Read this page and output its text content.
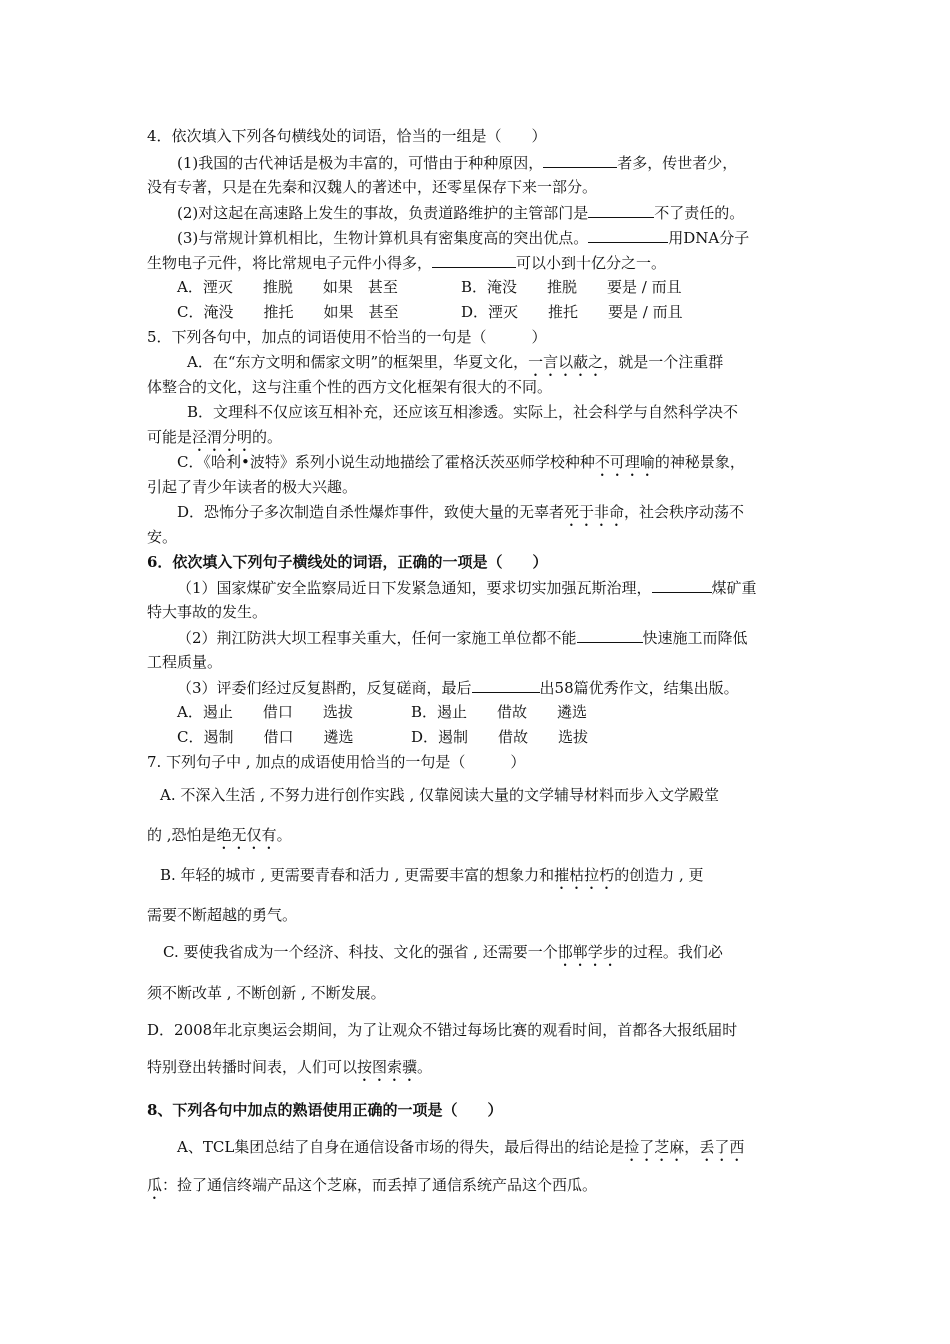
4．依次填入下列各句横线处的词语，恰当的一组是（　　）
(1)我国的古代神话是极为丰富的，可惜由于种种原因，	者多，传世者少，
没有专著，只是在先秦和汉魏人的著述中，还零星保存下来一部分。
(2)对这起在高速路上发生的事故，负责道路维护的主管部门是	不了责任的。
(3)与常规计算机相比，生物计算机具有密集度高的突出优点。	用DNA分子
生物电子元件，将比常规电子元件小得多，	可以小到十亿分之一。
A．湮灭　　推脱　　如果　甚至	B．淹没　　推脱　　要是 / 而且
C．淹没　　推托　　如果　甚至	D．湮灭　　推托　　要是 / 而且
5．下列各句中，加点的词语使用不恰当的一句是（　　　）
A．在“东方文明和儒家文明”的框架里，华夏文化，一言以蔽之，就是一个注重群
体整合的文化，这与注重个性的西方文化框架有很大的不同。
B．文理科不仅应该互相补充，还应该互相渗透。实际上，社会科学与自然科学决不
可能是泾渭分明的。
C．《哈利•波特》系列小说生动地描绘了霍格沃茨巫师学校种种不可理喻的神秘景象，
引起了青少年读者的极大兴趣。
D．恐怖分子多次制造自杀性爆炸事件，致使大量的无辜者死于非命，社会秩序动荡不
安。
6．依次填入下列句子横线处的词语，正确的一项是（　　）
（1）国家煤矿安全监察局近日下发紧急通知，要求切实加强瓦斯治理，	煤矿重
特大事故的发生。
（2）荆江防洪大坝工程事关重大，任何一家施工单位都不能	快速施工而降低
工程质量。
（3）评委们经过反复斟酌，反复磋商，最后	出58篇优秀作文，结集出版。
A．遏止　　借口　　选拔	B．遏止　　借故　　遴选
C．遏制　　借口　　遴选	D．遏制　　借故　　选拔
7. 下列句子中 , 加点的成语使用恰当的一句是（　　　）
A. 不深入生活 , 不努力进行创作实践 , 仅靠阅读大量的文学辅导材料而步入文学殿堂
的 ,恐怕是绝无仅有。
B. 年轻的城市 , 更需要青春和活力 , 更需要丰富的想象力和摧枯拉朽的创造力 , 更
需要不断超越的勇气。
C. 要使我省成为一个经济、科技、文化的强省 , 还需要一个邯郸学步的过程。我们必
须不断改革 , 不断创新 , 不断发展。
D．2008年北京奥运会期间，为了让观众不错过每场比赛的观看时间，首都各大报纸届时
特别登出转播时间表，人们可以按图索骥。
8、下列各句中加点的熟语使用正确的一项是（　　）
A、TCL集团总结了自身在通信设备市场的得失，最后得出的结论是捡了芝麻，丢了西
瓜：捡了通信终端产品这个芝麻，而丢掉了通信系统产品这个西瓜。
